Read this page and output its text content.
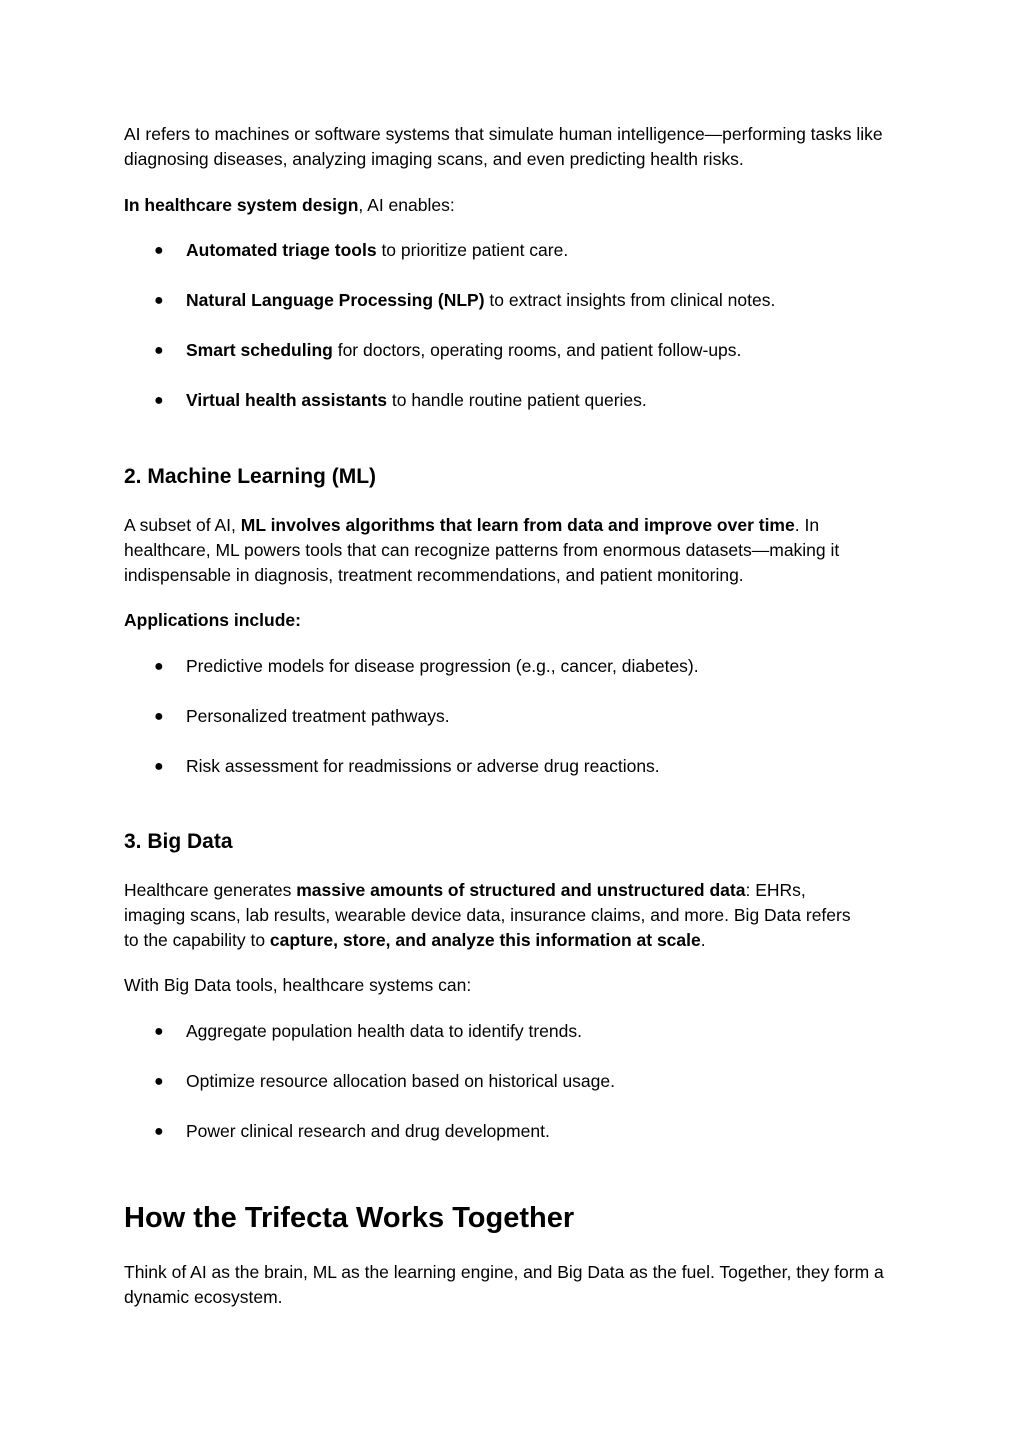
AI refers to machines or software systems that simulate human intelligence—performing tasks like diagnosing diseases, analyzing imaging scans, and even predicting health risks.

In healthcare system design, AI enables:

● Automated triage tools to prioritize patient care.
● Natural Language Processing (NLP) to extract insights from clinical notes.
● Smart scheduling for doctors, operating rooms, and patient follow-ups.
● Virtual health assistants to handle routine patient queries.
2. Machine Learning (ML)

A subset of AI, ML involves algorithms that learn from data and improve over time. In healthcare, ML powers tools that can recognize patterns from enormous datasets—making it indispensable in diagnosis, treatment recommendations, and patient monitoring.

Applications include:

● Predictive models for disease progression (e.g., cancer, diabetes).
● Personalized treatment pathways.
● Risk assessment for readmissions or adverse drug reactions.
3. Big Data

Healthcare generates massive amounts of structured and unstructured data: EHRs, imaging scans, lab results, wearable device data, insurance claims, and more. Big Data refers to the capability to capture, store, and analyze this information at scale.

With Big Data tools, healthcare systems can:

● Aggregate population health data to identify trends.
● Optimize resource allocation based on historical usage.
● Power clinical research and drug development.
How the Trifecta Works Together

Think of AI as the brain, ML as the learning engine, and Big Data as the fuel. Together, they form a dynamic ecosystem.
